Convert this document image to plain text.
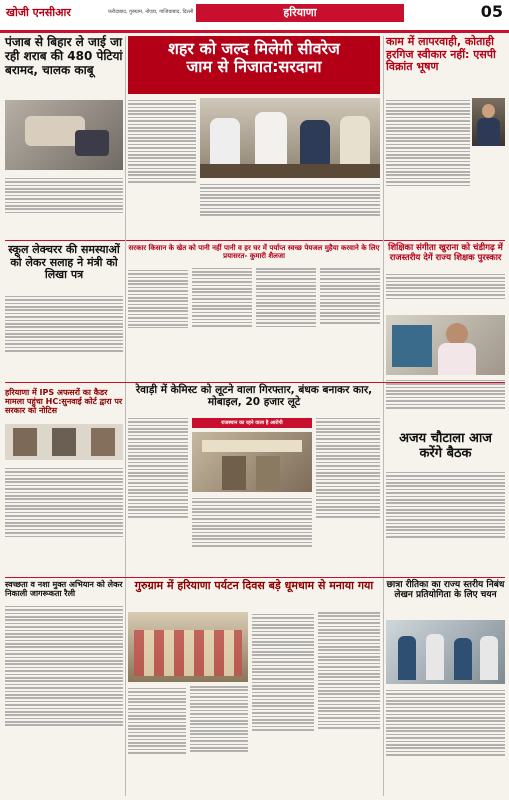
खोजी एनसीआर	फरीदाबाद, गुरुग्राम, नोएडा, गाजियाबाद, दिल्ली	हरियाणा	05
पंजाब से बिहार ले जाई जा रही शराब की 480 पेटियां बरामद, चालक काबू
शहर को जल्द मिलेगी सीवरेज
जाम से निजात:सरदाना
काम में लापरवाही, कोताही हरगिज स्वीकार नहीं: एसपी विक्रांत भूषण
स्कूल लेक्चरर की समस्याओं को लेकर सलाह ने मंत्री को लिखा पत्र
सरकार किसान के खेत को पानी नहीं पानी व हर घर में पर्याप्त स्वच्छ पेयजल मुहैया करवाने के लिए प्रयासरत- कुमारी शैलजा
शिक्षिका संगीता खुराना को चंडीगढ़ में राजस्तरीय देगें राज्य शिक्षक पुरस्कार
हरियाणा में IPS अफसरों का कैडर मामला पहुंचा HC:सुनवाई कोर्ट द्वारा पर सरकार को नोटिस
रेवाड़ी में केमिस्ट को लूटने वाला गिरफ्तार, बंधक बनाकर कार, मोबाइल, 20 हजार लूटे
राजस्थान का रहने वाला है आरोपी
अजय चौटाला आज करेंगे बैठक
स्वच्छता व नशा मुक्त अभियान को लेकर निकाली जागरूकता रैली
गुरुग्राम में हरियाणा पर्यटन दिवस बड़े धूमधाम से मनाया गया	छात्रा रीतिका का राज्य स्तरीय निबंध लेखन प्रतियोगिता के लिए चयन
